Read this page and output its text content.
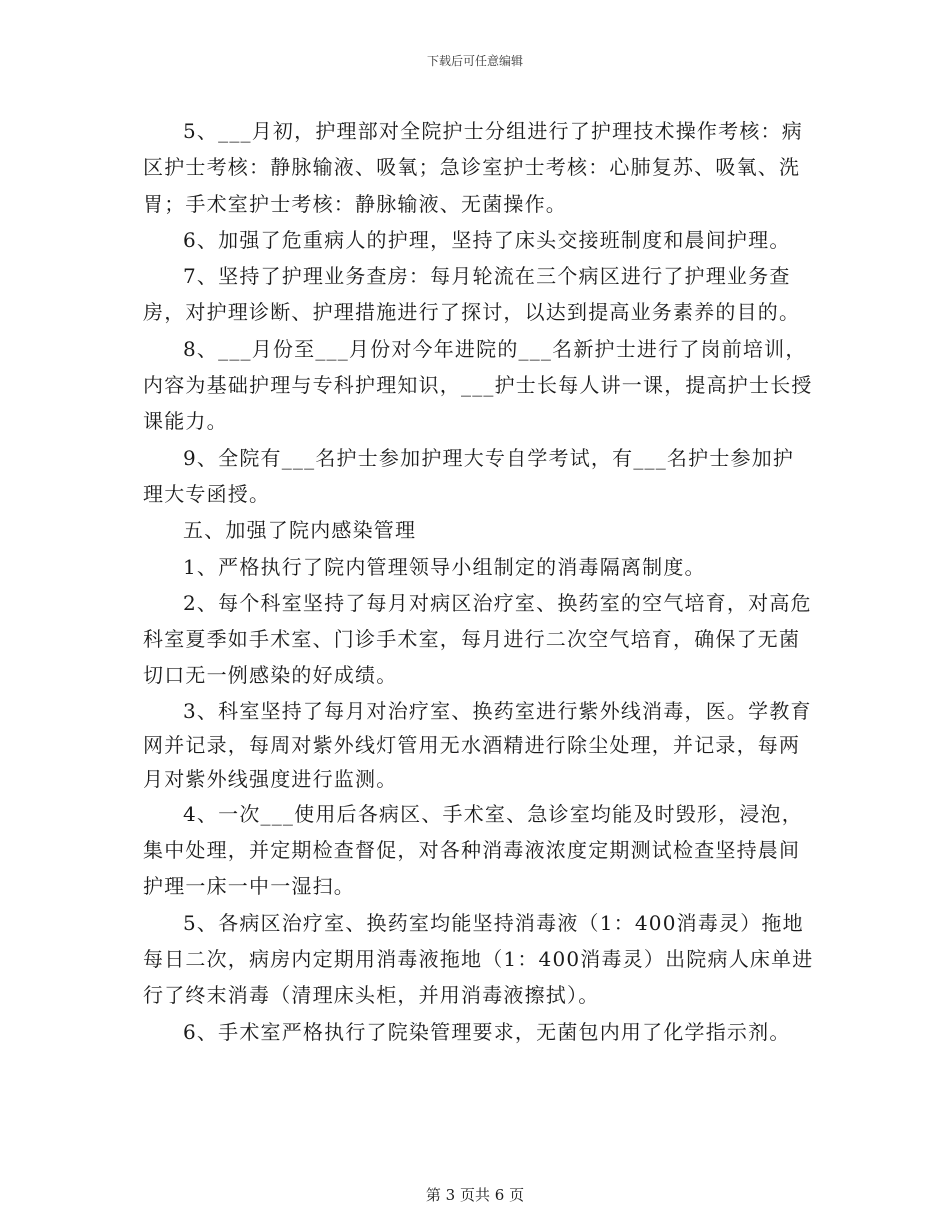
下载后可任意编辑

5、___月初，护理部对全院护士分组进行了护理技术操作考核：病区护士考核：静脉输液、吸氧；急诊室护士考核：心肺复苏、吸氧、洗胃；手术室护士考核：静脉输液、无菌操作。

6、加强了危重病人的护理，坚持了床头交接班制度和晨间护理。

7、坚持了护理业务查房：每月轮流在三个病区进行了护理业务查房，对护理诊断、护理措施进行了探讨，以达到提高业务素养的目的。

8、___月份至___月份对今年进院的___名新护士进行了岗前培训，内容为基础护理与专科护理知识，___护士长每人讲一课，提高护士长授课能力。

9、全院有___名护士参加护理大专自学考试，有___名护士参加护理大专函授。

五、加强了院内感染管理

1、严格执行了院内管理领导小组制定的消毒隔离制度。

2、每个科室坚持了每月对病区治疗室、换药室的空气培育，对高危科室夏季如手术室、门诊手术室，每月进行二次空气培育，确保了无菌切口无一例感染的好成绩。

3、科室坚持了每月对治疗室、换药室进行紫外线消毒，医。学教育网并记录，每周对紫外线灯管用无水酒精进行除尘处理，并记录，每两月对紫外线强度进行监测。

4、一次___使用后各病区、手术室、急诊室均能及时毁形，浸泡，集中处理，并定期检查督促，对各种消毒液浓度定期测试检查坚持晨间护理一床一中一湿扫。

5、各病区治疗室、换药室均能坚持消毒液（1：400消毒灵）拖地每日二次，病房内定期用消毒液拖地（1：400消毒灵）出院病人床单进行了终末消毒（清理床头柜，并用消毒液擦拭）。

6、手术室严格执行了院染管理要求，无菌包内用了化学指示剂。

第 3 页共 6 页
